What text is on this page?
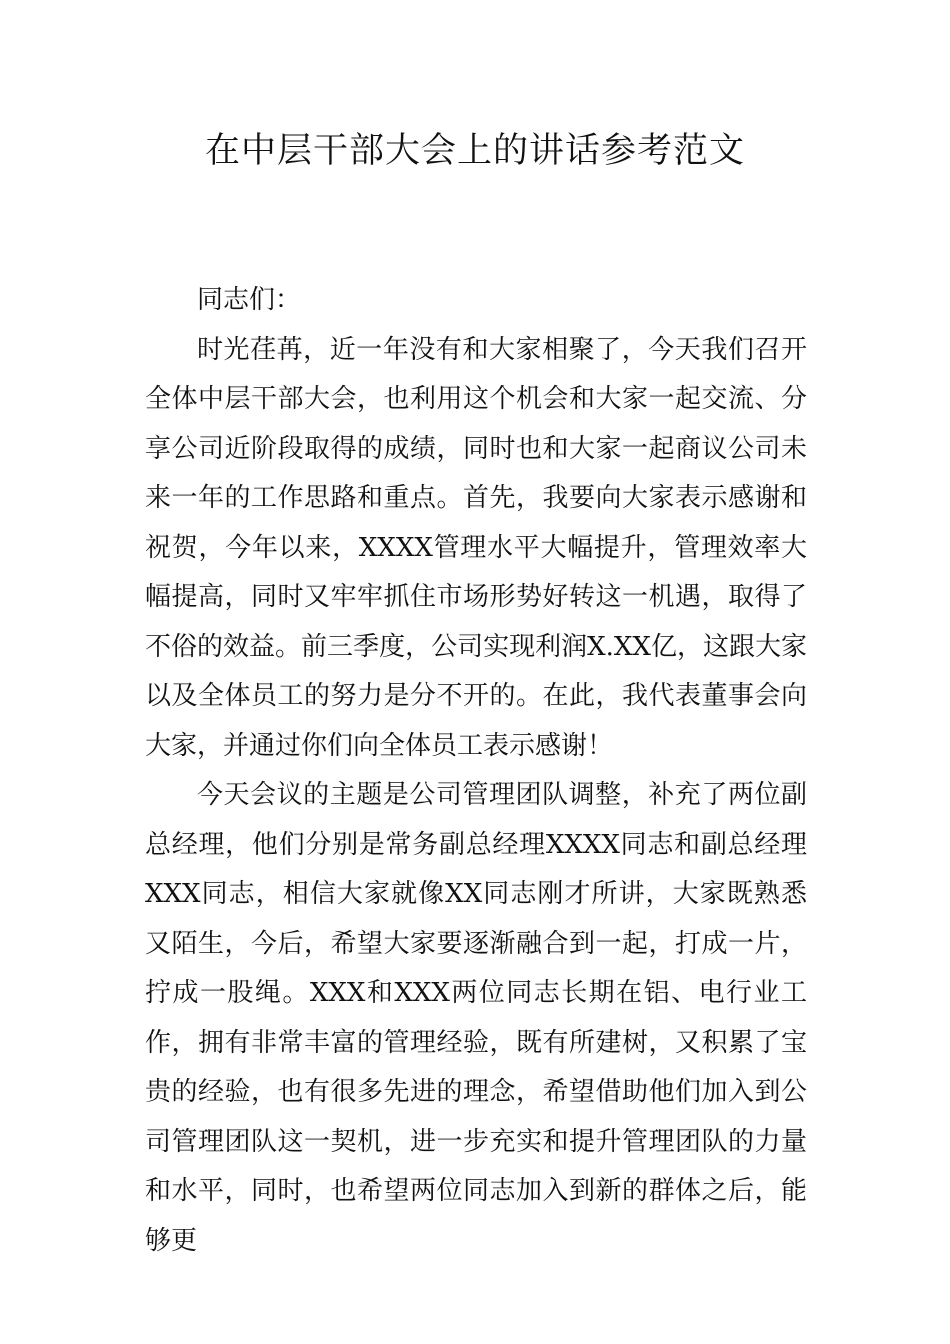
在中层干部大会上的讲话参考范文

同志们：

时光荏苒，近一年没有和大家相聚了，今天我们召开全体中层干部大会，也利用这个机会和大家一起交流、分享公司近阶段取得的成绩，同时也和大家一起商议公司未来一年的工作思路和重点。首先，我要向大家表示感谢和祝贺，今年以来，XXXX管理水平大幅提升，管理效率大幅提高，同时又牢牢抓住市场形势好转这一机遇，取得了不俗的效益。前三季度，公司实现利润X.XX亿，这跟大家以及全体员工的努力是分不开的。在此，我代表董事会向大家，并通过你们向全体员工表示感谢！

今天会议的主题是公司管理团队调整，补充了两位副总经理，他们分别是常务副总经理XXXX同志和副总经理XXX同志，相信大家就像XX同志刚才所讲，大家既熟悉又陌生，今后，希望大家要逐渐融合到一起，打成一片，拧成一股绳。XXX和XXX两位同志长期在铝、电行业工作，拥有非常丰富的管理经验，既有所建树，又积累了宝贵的经验，也有很多先进的理念，希望借助他们加入到公司管理团队这一契机，进一步充实和提升管理团队的力量和水平，同时，也希望两位同志加入到新的群体之后，能够更
